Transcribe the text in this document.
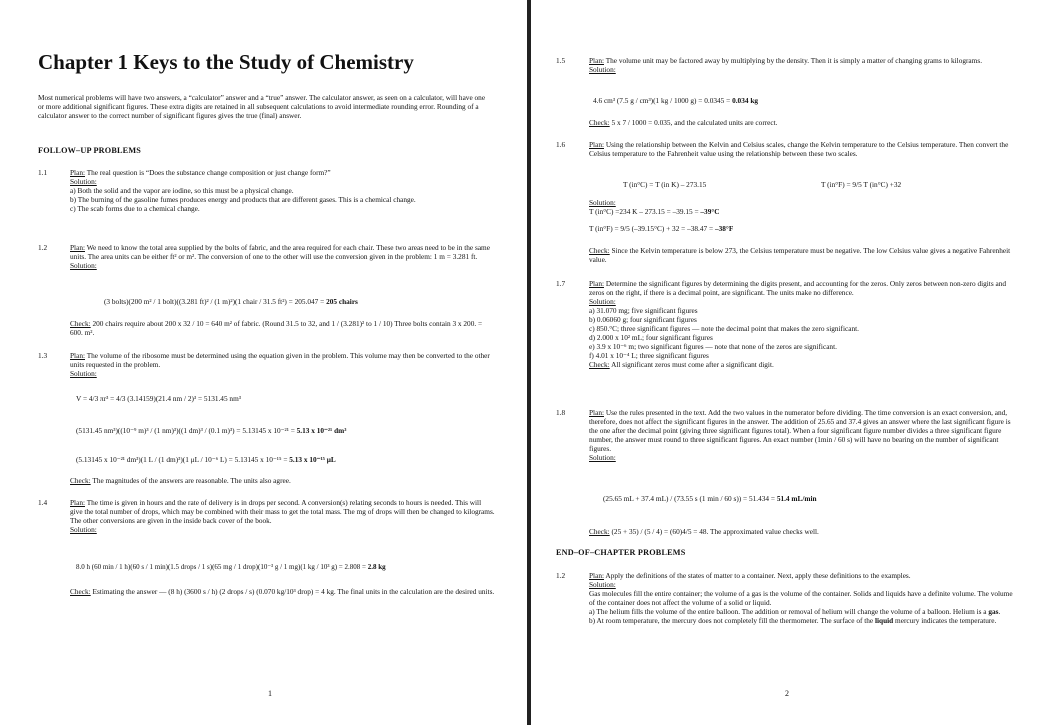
Chapter 1 Keys to the Study of Chemistry
Most numerical problems will have two answers, a “calculator” answer and a “true” answer. The calculator answer, as seen on a calculator, will have one or more additional significant figures. These extra digits are retained in all subsequent calculations to avoid intermediate rounding error. Rounding of a calculator answer to the correct number of significant figures gives the true (final) answer.
FOLLOW–UP PROBLEMS
1.1	Plan: The real question is “Does the substance change composition or just change form?”
Solution:
a) Both the solid and the vapor are iodine, so this must be a physical change.
b) The burning of the gasoline fumes produces energy and products that are different gases. This is a chemical change.
c) The scab forms due to a chemical change.
1.2	Plan: We need to know the total area supplied by the bolts of fabric, and the area required for each chair. These two areas need to be in the same units. The area units can be either ft² or m². The conversion of one to the other will use the conversion given in the problem: 1 m = 3.281 ft.
Solution:
(3 bolts)(200 m² / 1 bolt)((3.281 ft)² / (1 m)²)(1 chair / 31.5 ft²) = 205.047 = 205 chairs
Check: 200 chairs require about 200 x 32 / 10 = 640 m² of fabric. (Round 31.5 to 32, and 1 / (3.281)² to 1 / 10) Three bolts contain 3 x 200. = 600. m².
1.3	Plan: The volume of the ribosome must be determined using the equation given in the problem. This volume may then be converted to the other units requested in the problem.
Solution:
V = 4/3 πr³ = 4/3 (3.14159)(21.4 nm / 2)³ = 5131.45 nm³
(5131.45 nm³)((10⁻⁹ m)³ / (1 nm)³)((1 dm)³ / (0.1 m)³) = 5.13145 x 10⁻²¹ = 5.13 x 10⁻²¹ dm³
(5.13145 x 10⁻²¹ dm³)(1 L / (1 dm)³)(1 μL / 10⁻⁶ L) = 5.13145 x 10⁻¹⁵ = 5.13 x 10⁻¹⁵ μL
Check: The magnitudes of the answers are reasonable. The units also agree.
1.4	Plan: The time is given in hours and the rate of delivery is in drops per second. A conversion(s) relating seconds to hours is needed. This will give the total number of drops, which may be combined with their mass to get the total mass. The mg of drops will then be changed to kilograms. The other conversions are given in the inside back cover of the book.
Solution:
8.0 h (60 min / 1 h)(60 s / 1 min)(1.5 drops / 1 s)(65 mg / 1 drop)(10⁻³ g / 1 mg)(1 kg / 10³ g) = 2.808 = 2.8 kg
Check: Estimating the answer — (8 h) (3600 s / h) (2 drops / s) (0.070 kg/10³ drop) = 4 kg. The final units in the calculation are the desired units.
1
1.5	Plan: The volume unit may be factored away by multiplying by the density. Then it is simply a matter of changing grams to kilograms.
Solution:
4.6 cm³ (7.5 g / cm³)(1 kg / 1000 g) = 0.0345 = 0.034 kg
Check: 5 x 7 / 1000 = 0.035, and the calculated units are correct.
1.6	Plan: Using the relationship between the Kelvin and Celsius scales, change the Kelvin temperature to the Celsius temperature. Then convert the Celsius temperature to the Fahrenheit value using the relationship between these two scales.
T (in°C) = T (in K) – 273.15	T (in°F) = 9/5 T (in°C) +32
Solution:
T (in°C) =234 K – 273.15 = –39.15 = –39°C
T (in°F) = 9/5 (–39.15°C) + 32 = –38.47 = –38°F
Check: Since the Kelvin temperature is below 273, the Celsius temperature must be negative. The low Celsius value gives a negative Fahrenheit value.
1.7	Plan: Determine the significant figures by determining the digits present, and accounting for the zeros. Only zeros between non-zero digits and zeros on the right, if there is a decimal point, are significant. The units make no difference.
Solution:
a) 31.070 mg; five significant figures
b) 0.06060 g; four significant figures
c) 850.°C; three significant figures — note the decimal point that makes the zero significant.
d) 2.000 x 10² mL; four significant figures
e) 3.9 x 10⁻⁶ m; two significant figures — note that none of the zeros are significant.
f) 4.01 x 10⁻⁴ L; three significant figures
Check: All significant zeros must come after a significant digit.
1.8	Plan: Use the rules presented in the text. Add the two values in the numerator before dividing. The time conversion is an exact conversion, and, therefore, does not affect the significant figures in the answer. The addition of 25.65 and 37.4 gives an answer where the last significant figure is the one after the decimal point (giving three significant figures total). When a four significant figure number divides a three significant figure number, the answer must round to three significant figures. An exact number (1min / 60 s) will have no bearing on the number of significant figures.
Solution:
(25.65 mL + 37.4 mL) / (73.55 s (1 min / 60 s)) = 51.434 = 51.4 mL/min
Check: (25 + 35) / (5 / 4) = (60)4/5 = 48. The approximated value checks well.
END–OF–CHAPTER PROBLEMS
1.2	Plan: Apply the definitions of the states of matter to a container. Next, apply these definitions to the examples.
Solution:
Gas molecules fill the entire container; the volume of a gas is the volume of the container. Solids and liquids have a definite volume. The volume of the container does not affect the volume of a solid or liquid.
a) The helium fills the volume of the entire balloon. The addition or removal of helium will change the volume of a balloon. Helium is a gas.
b) At room temperature, the mercury does not completely fill the thermometer. The surface of the liquid mercury indicates the temperature.
2
